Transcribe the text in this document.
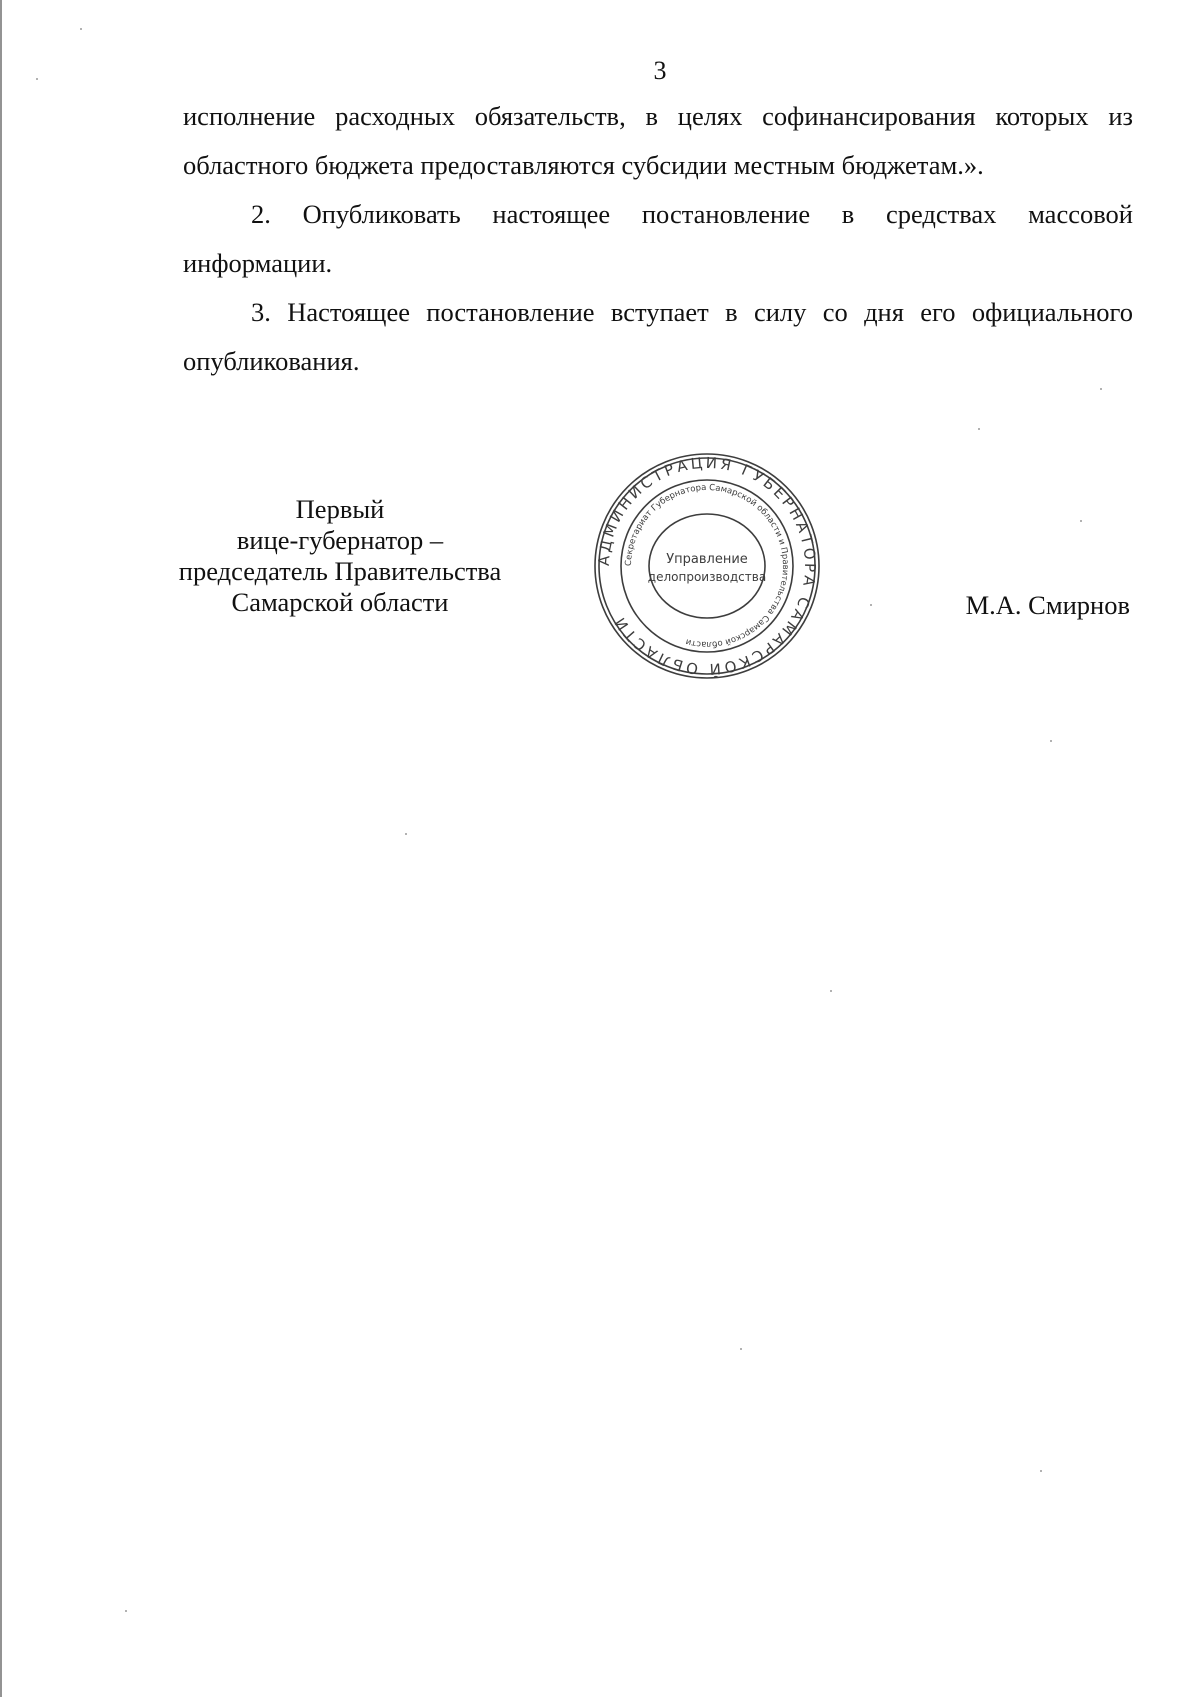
3

исполнение расходных обязательств, в целях софинансирования которых из областного бюджета предоставляются субсидии местным бюджетам.».

2. Опубликовать настоящее постановление в средствах массовой информации.

3. Настоящее постановление вступает в силу со дня его официального опубликования.

Первый
вице-губернатор –
председатель Правительства
Самарской области	М.А. Смирнов
АДМИНИСТРАЦИЯ ГУБЕРНАТОРА САМАРСКОЙ ОБЛАСТИ
Секретариат Губернатора Самарской области и Правительства Самарской области
Управление
делопроизводства
